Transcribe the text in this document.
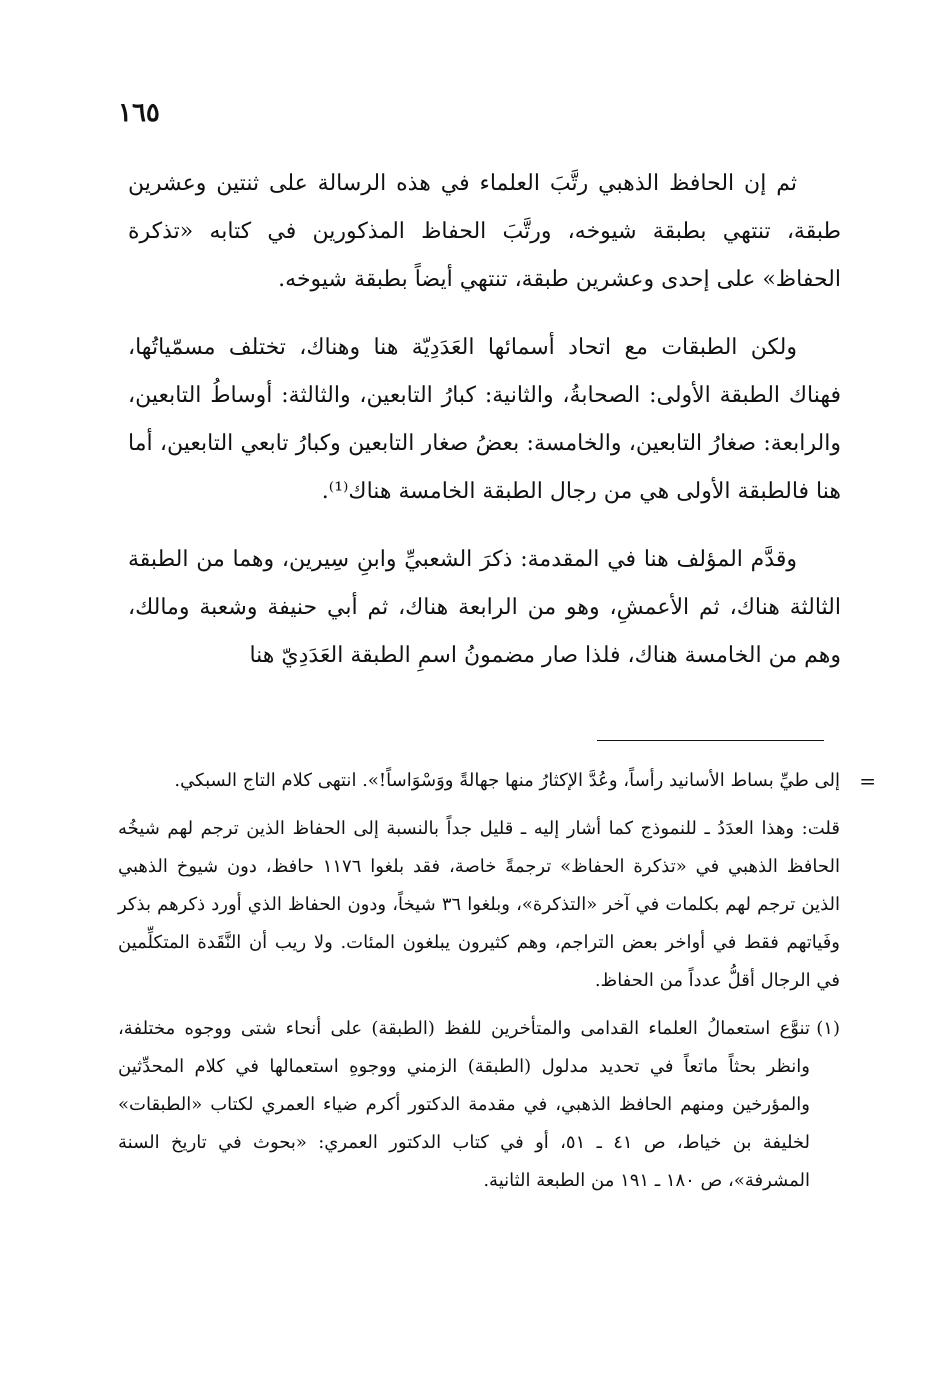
١٦٥

ثم إن الحافظ الذهبي رتَّبَ العلماء في هذه الرسالة على ثنتين وعشرين طبقة، تنتهي بطبقة شيوخه، ورتَّبَ الحفاظ المذكورين في كتابه «تذكرة الحفاظ» على إحدى وعشرين طبقة، تنتهي أيضاً بطبقة شيوخه.

ولكن الطبقات مع اتحاد أسمائها العَدَدِيّة هنا وهناك، تختلف مسمّياتُها، فهناك الطبقة الأولى: الصحابةُ، والثانية: كبارُ التابعين، والثالثة: أوساطُ التابعين، والرابعة: صغارُ التابعين، والخامسة: بعضُ صغار التابعين وكبارُ تابعي التابعين، أما هنا فالطبقة الأولى هي من رجال الطبقة الخامسة هناك⁽¹⁾.

وقدَّم المؤلف هنا في المقدمة: ذكرَ الشعبيِّ وابنِ سِيرين، وهما من الطبقة الثالثة هناك، ثم الأعمشِ، وهو من الرابعة هناك، ثم أبي حنيفة وشعبة ومالك، وهم من الخامسة هناك، فلذا صار مضمونُ اسمِ الطبقة العَدَدِيّ هنا

=

إلى طيِّ بساط الأسانيد رأساً، وعُدَّ الإكثارُ منها جهالةً ووَسْوَاساً!». انتهى كلام التاج السبكي.

قلت: وهذا العدَدُ ـ للنموذج كما أشار إليه ـ قليل جداً بالنسبة إلى الحفاظ الذين ترجم لهم شيخُه الحافظ الذهبي في «تذكرة الحفاظ» ترجمةً خاصة، فقد بلغوا ١١٧٦ حافظ، دون شيوخ الذهبي الذين ترجم لهم بكلمات في آخر «التذكرة»، وبلغوا ٣٦ شيخاً، ودون الحفاظ الذي أورد ذكرهم بذكر وفَياتهم فقط في أواخر بعض التراجم، وهم كثيرون يبلغون المئات. ولا ريب أن النَّقَدة المتكلِّمين في الرجال أقلُّ عدداً من الحفاظ.

(١)
تنوَّع استعمالُ العلماء القدامى والمتأخرين للفظ (الطبقة) على أنحاء شتى ووجوه مختلفة، وانظر بحثاً ماتعاً في تحديد مدلول (الطبقة) الزمني ووجوهِ استعمالها في كلام المحدِّثين والمؤرخين ومنهم الحافظ الذهبي، في مقدمة الدكتور أكرم ضياء العمري لكتاب «الطبقات» لخليفة بن خياط، ص ٤١ ـ ٥١، أو في كتاب الدكتور العمري: «بحوث في تاريخ السنة المشرفة»، ص ١٨٠ ـ ١٩١ من الطبعة الثانية.
